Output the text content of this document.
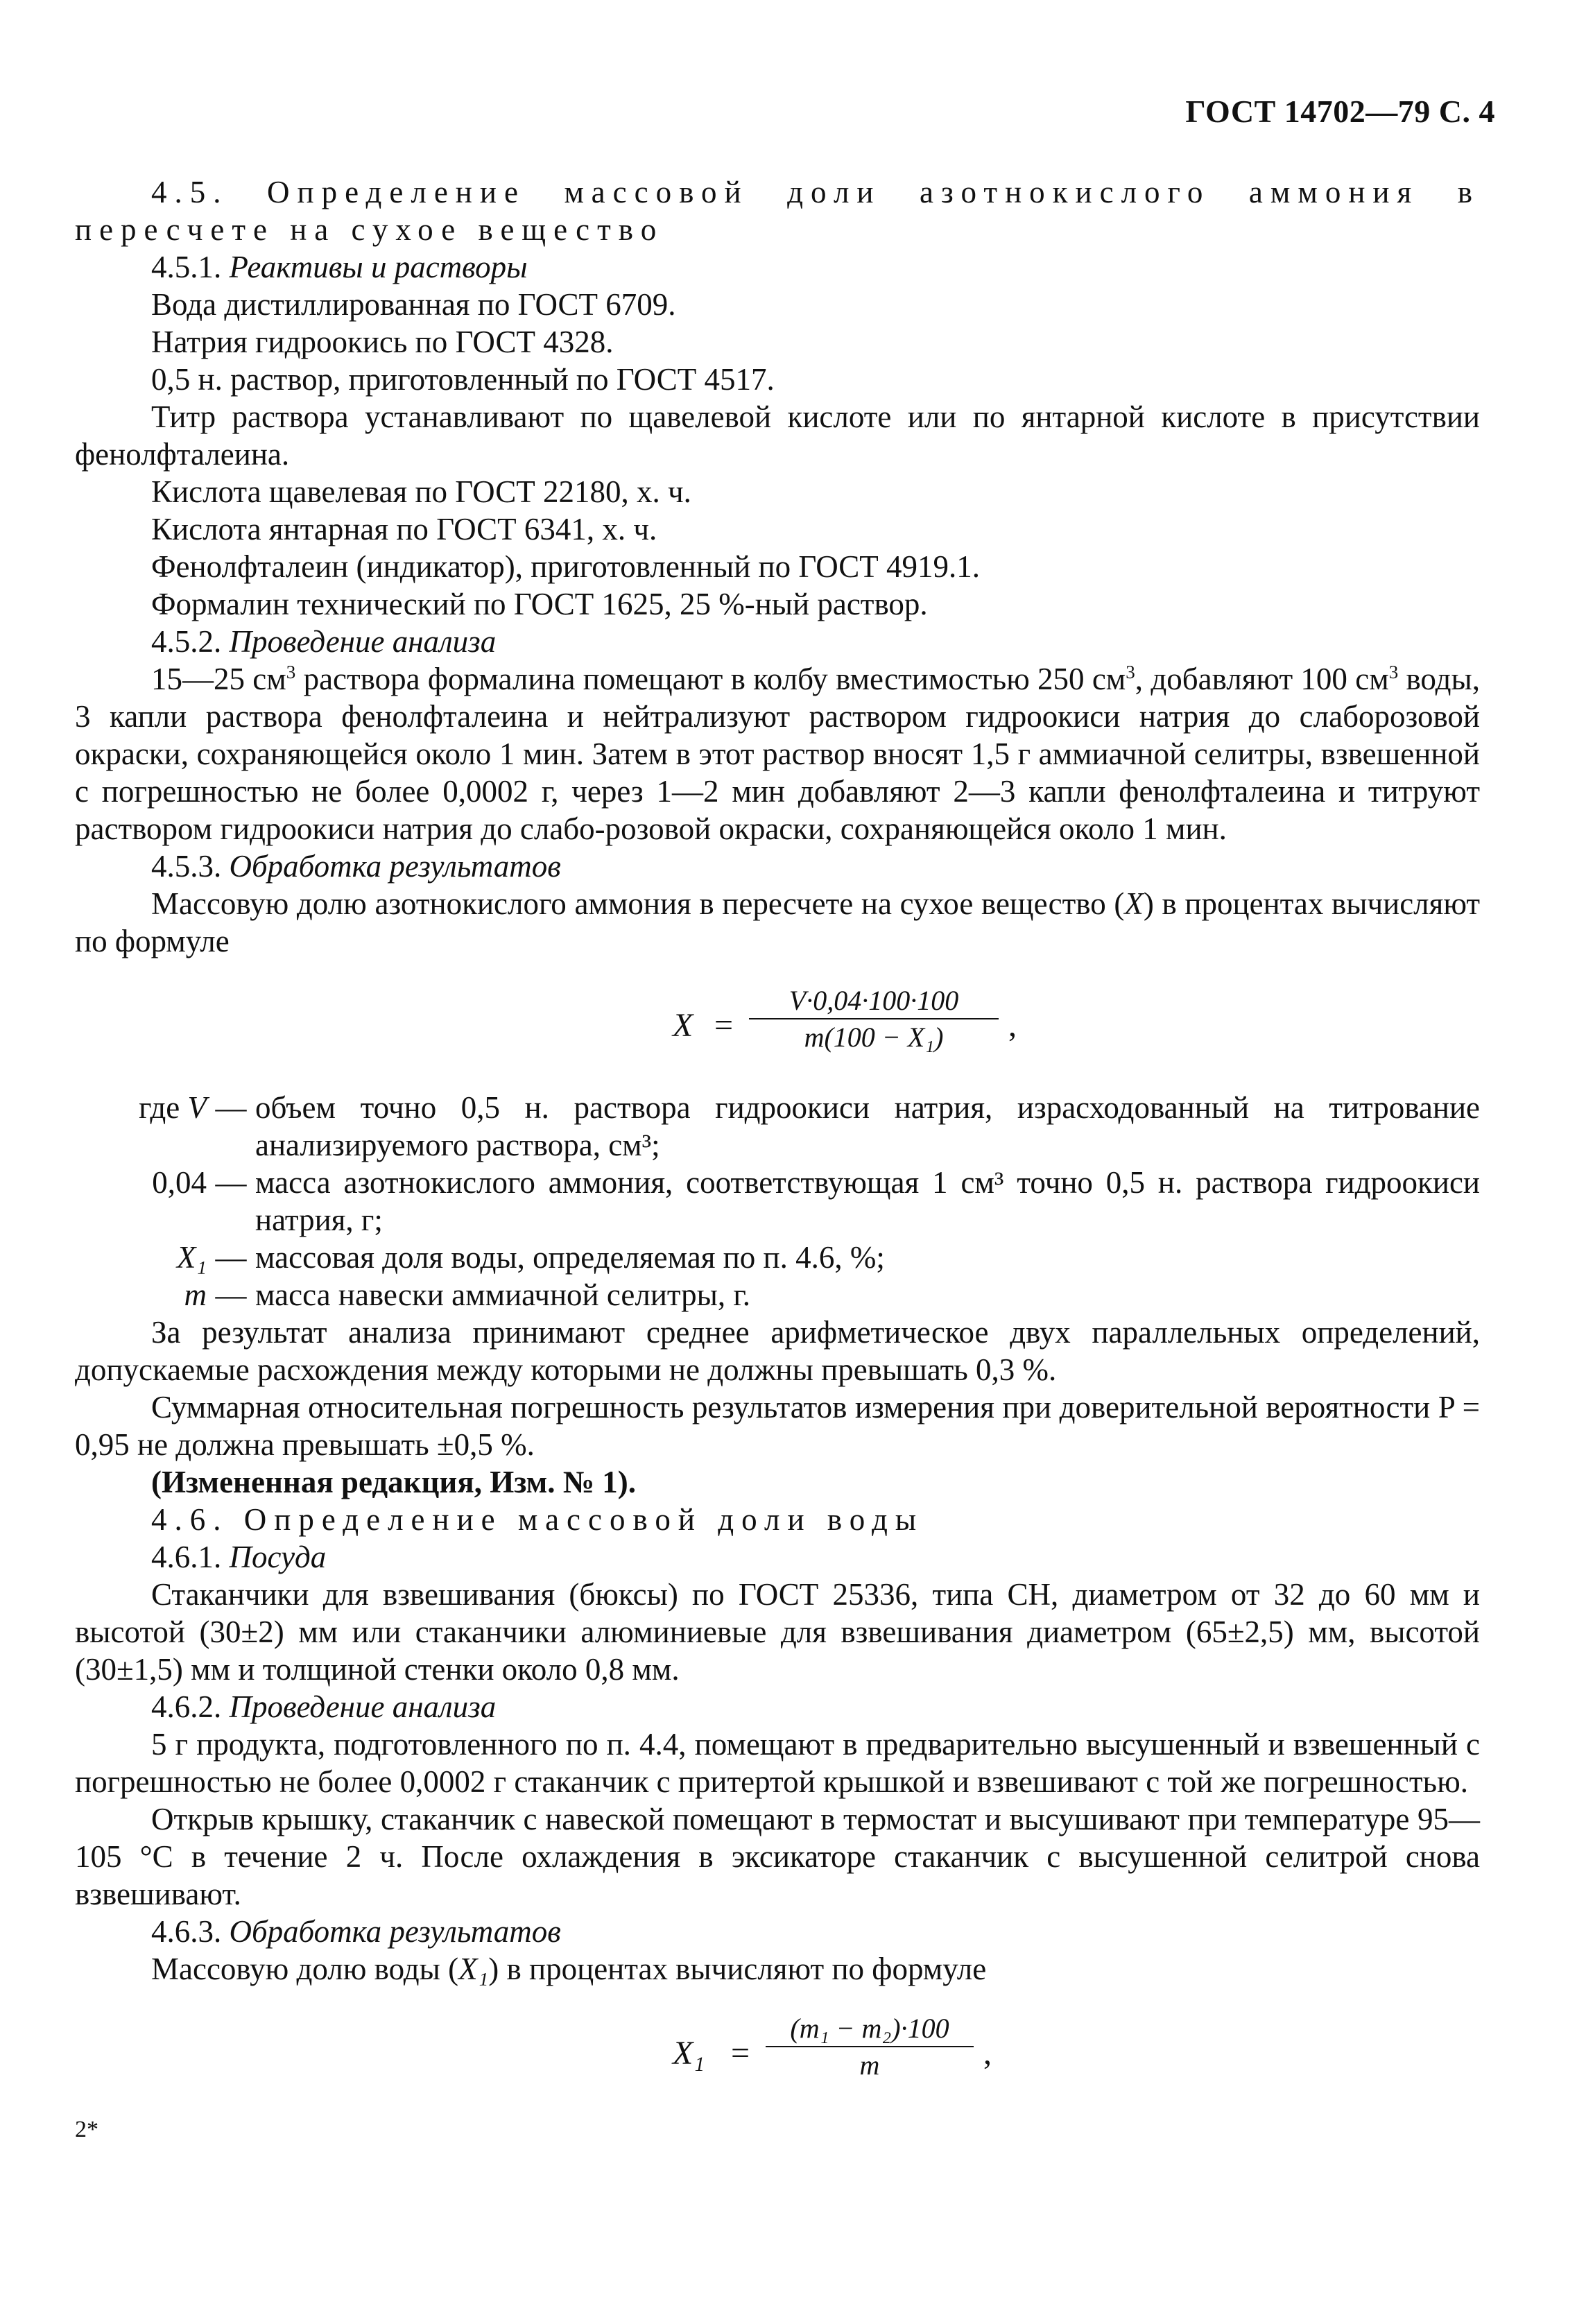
ГОСТ 14702—79 С. 4

4.5. Определение массовой доли азотнокислого аммония в пересчете на сухое вещество

4.5.1. Реактивы и растворы

Вода дистиллированная по ГОСТ 6709.

Натрия гидроокись по ГОСТ 4328.

0,5 н. раствор, приготовленный по ГОСТ 4517.

Титр раствора устанавливают по щавелевой кислоте или по янтарной кислоте в присутствии фенолфталеина.

Кислота щавелевая по ГОСТ 22180, х. ч.

Кислота янтарная по ГОСТ 6341, х. ч.

Фенолфталеин (индикатор), приготовленный по ГОСТ 4919.1.

Формалин технический по ГОСТ 1625, 25 %-ный раствор.

4.5.2. Проведение анализа

15—25 $см^3$ раствора формалина помещают в колбу вместимостью 250 $см^3$, добавляют 100 $см^3$ воды, 3 капли раствора фенолфталеина и нейтрализуют раствором гидроокиси натрия до слаборозовой окраски, сохраняющейся около 1 мин. Затем в этот раствор вносят 1,5 г аммиачной селитры, взвешенной с погрешностью не более 0,0002 г, через 1—2 мин добавляют 2—3 капли фенолфталеина и титруют раствором гидроокиси натрия до слабо-розовой окраски, сохраняющейся около 1 мин.

4.5.3. Обработка результатов

Массовую долю азотнокислого аммония в пересчете на сухое вещество (X) в процентах вычисляют по формуле

X =
V·0,04·100·100
m(100 − X₁)	,
где V — объем точно 0,5 н. раствора гидроокиси натрия, израсходованный на титрование анализируемого раствора, см³;
0,04 — масса азотнокислого аммония, соответствующая 1 см³ точно 0,5 н. раствора гидроокиси натрия, г;
X₁ — массовая доля воды, определяемая по п. 4.6, %;
m — масса навески аммиачной селитры, г.

За результат анализа принимают среднее арифметическое двух параллельных определений, допускаемые расхождения между которыми не должны превышать 0,3 %.

Суммарная относительная погрешность результатов измерения при доверительной вероятности P = 0,95 не должна превышать ±0,5 %.

(Измененная редакция, Изм. № 1).

4.6. Определение массовой доли воды

4.6.1. Посуда

Стаканчики для взвешивания (бюксы) по ГОСТ 25336, типа СН, диаметром от 32 до 60 мм и высотой (30±2) мм или стаканчики алюминиевые для взвешивания диаметром (65±2,5) мм, высотой (30±1,5) мм и толщиной стенки около 0,8 мм.

4.6.2. Проведение анализа

5 г продукта, подготовленного по п. 4.4, помещают в предварительно высушенный и взвешенный с погрешностью не более 0,0002 г стаканчик с притертой крышкой и взвешивают с той же погрешностью.

Открыв крышку, стаканчик с навеской помещают в термостат и высушивают при температуре 95—105 °С в течение 2 ч. После охлаждения в эксикаторе стаканчик с высушенной селитрой снова взвешивают.

4.6.3. Обработка результатов

Массовую долю воды (X₁) в процентах вычисляют по формуле

X₁ =
(m₁ − m₂)·100
m	,
2*
